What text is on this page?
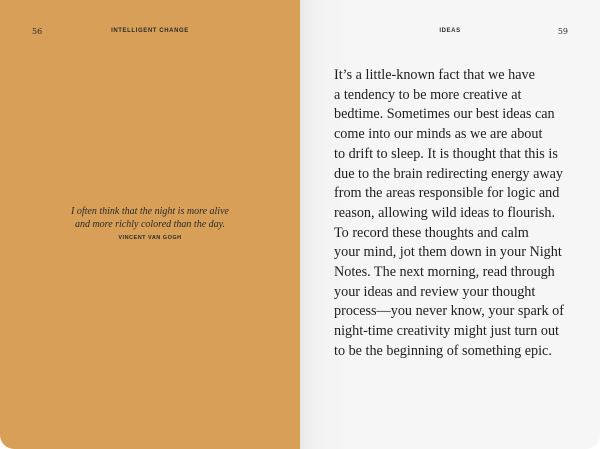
56	INTELLIGENT CHANGE

I often think that the night is more alive
and more richly colored than the day.

VINCENT VAN GOGH
IDEAS	59

It’s a little-known fact that we have
a tendency to be more creative at
bedtime. Sometimes our best ideas can
come into our minds as we are about
to drift to sleep. It is thought that this is
due to the brain redirecting energy away
from the areas responsible for logic and
reason, allowing wild ideas to flourish.
To record these thoughts and calm
your mind, jot them down in your Night
Notes. The next morning, read through
your ideas and review your thought
process—you never know, your spark of
night-time creativity might just turn out
to be the beginning of something epic.
